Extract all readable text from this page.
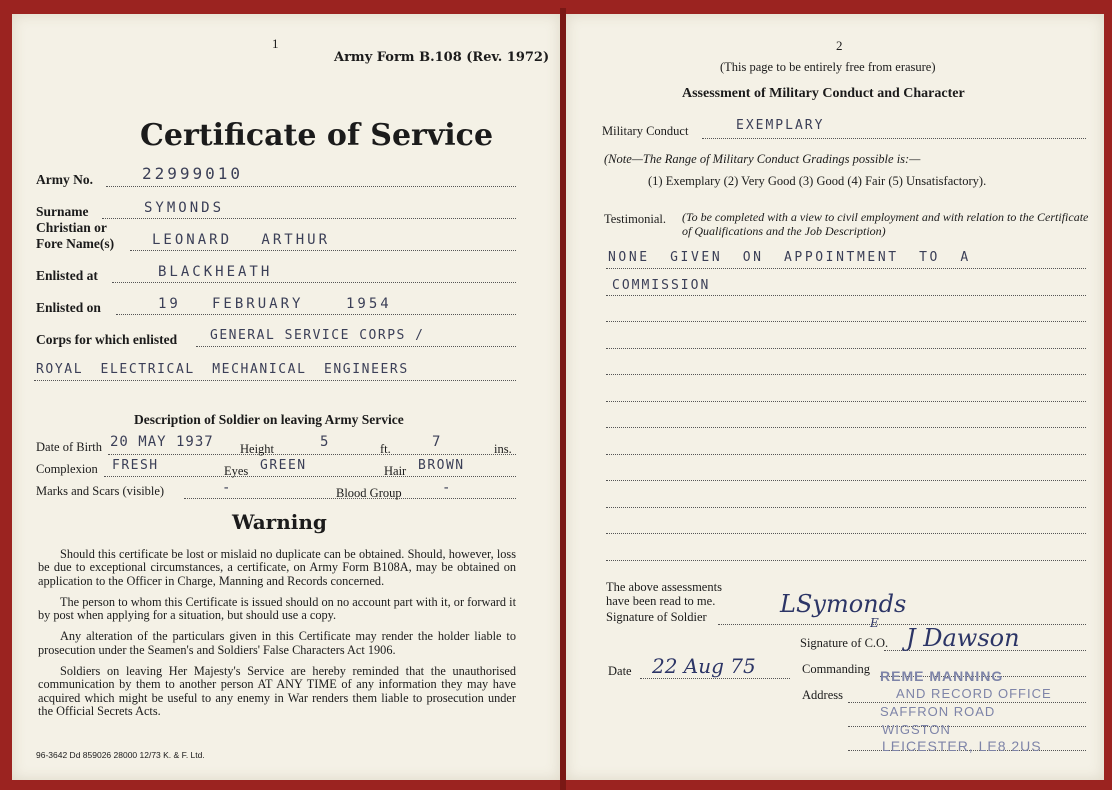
1
Army Form B.108 (Rev. 1972)
Certificate of Service
Army No.	22999010
Surname	SYMONDS
Christian or
Fore Name(s)	LEONARD ARTHUR
Enlisted at	BLACKHEATH
Enlisted on	19 FEBRUARY	1954
Corps for which enlisted	GENERAL SERVICE CORPS /
ROYAL ELECTRICAL MECHANICAL ENGINEERS
Description of Soldier on leaving Army Service
Date of Birth 20 MAY 1937 Height	5	ft.	7	ins.
Complexion FRESH	Eyes GREEN	Hair BROWN
Marks and Scars (visible)	-	Blood Group	-
Warning

Should this certificate be lost or mislaid no duplicate can be obtained. Should, however, loss be due to exceptional circumstances, a certificate, on Army Form B108A, may be obtained on application to the Officer in Charge, Manning and Records concerned.

The person to whom this Certificate is issued should on no account part with it, or forward it by post when applying for a situation, but should use a copy.

Any alteration of the particulars given in this Certificate may render the holder liable to prosecution under the Seamen's and Soldiers' False Characters Act 1906.

Soldiers on leaving Her Majesty's Service are hereby reminded that the unauthorised communication by them to another person AT ANY TIME of any information they may have acquired which might be useful to any enemy in War renders them liable to prosecution under the Official Secrets Acts.

96-3642 Dd 859026 28000 12/73 K. & F. Ltd.
2
(This page to be entirely free from erasure)
Assessment of Military Conduct and Character
Military Conduct	EXEMPLARY
(Note—The Range of Military Conduct Gradings possible is:—
(1) Exemplary (2) Very Good (3) Good (4) Fair (5) Unsatisfactory).
Testimonial. (To be completed with a view to civil employment and with relation to the Certificate of Qualifications and the Job Description)
NONE GIVEN ON APPOINTMENT TO A
COMMISSION
The above assessments
have been read to me.
Signature of Soldier	LSymonds
Signature of C.O.
E
J Dawson
Date 22 Aug 75	Commanding
Address
REME MANNING
AND RECORD OFFICE
SAFFRON ROAD
WIGSTON
LEICESTER, LE8 2US
